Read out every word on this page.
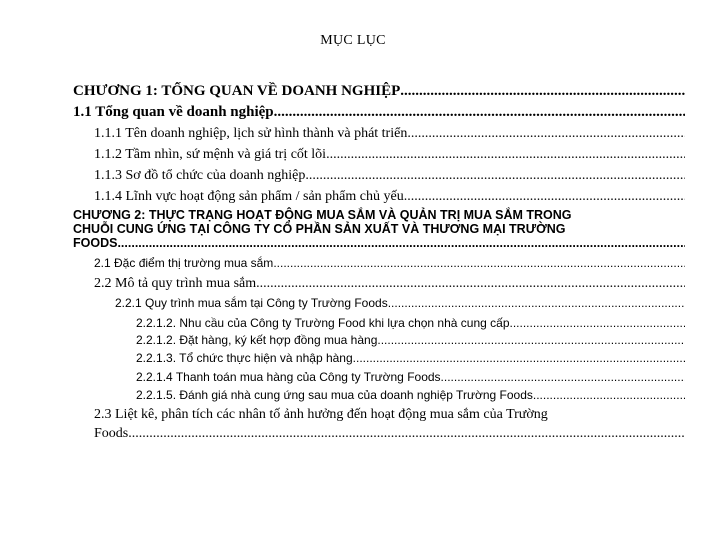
MỤC LỤC
CHƯƠNG 1: TỔNG QUAN VỀ DOANH NGHIỆP
.....
1.1 Tổng quan về doanh nghiệp
.....
1.1.1 Tên doanh nghiệp, lịch sử hình thành và phát triển
.....
1.1.2 Tầm nhìn, sứ mệnh và giá trị cốt lõi
.....
1.1.3 Sơ đồ tổ chức của doanh nghiệp
.....
1.1.4 Lĩnh vực hoạt động sản phẩm / sản phẩm chủ yếu
.....
CHƯƠNG 2: THỰC TRẠNG HOẠT ĐỘNG MUA SẮM VÀ QUẢN TRỊ MUA SẮM TRONG
CHUỖI CUNG ỨNG TẠI CÔNG TY CỔ PHẦN SẢN XUẤT VÀ THƯƠNG MẠI TRƯỜNG
FOODS
.....
2.1 Đặc điểm thị trường mua sắm
.....
2.2 Mô tả quy trình mua sắm
.....
2.2.1 Quy trình mua sắm tại Công ty Trường Foods
.....
2.2.1.2. Nhu cầu của Công ty Trường Food khi lựa chọn nhà cung cấp
.....
2.2.1.2. Đặt hàng, ký kết hợp đồng mua hàng
.....
2.2.1.3. Tổ chức thực hiện và nhập hàng
.....
2.2.1.4 Thanh toán mua hàng của Công ty Trường Foods
.....
2.2.1.5. Đánh giá nhà cung ứng sau mua của doanh nghiệp Trường Foods
.....
2.3 Liệt kê, phân tích các nhân tố ảnh hưởng đến hoạt động mua sắm của Trường
Foods
.....
